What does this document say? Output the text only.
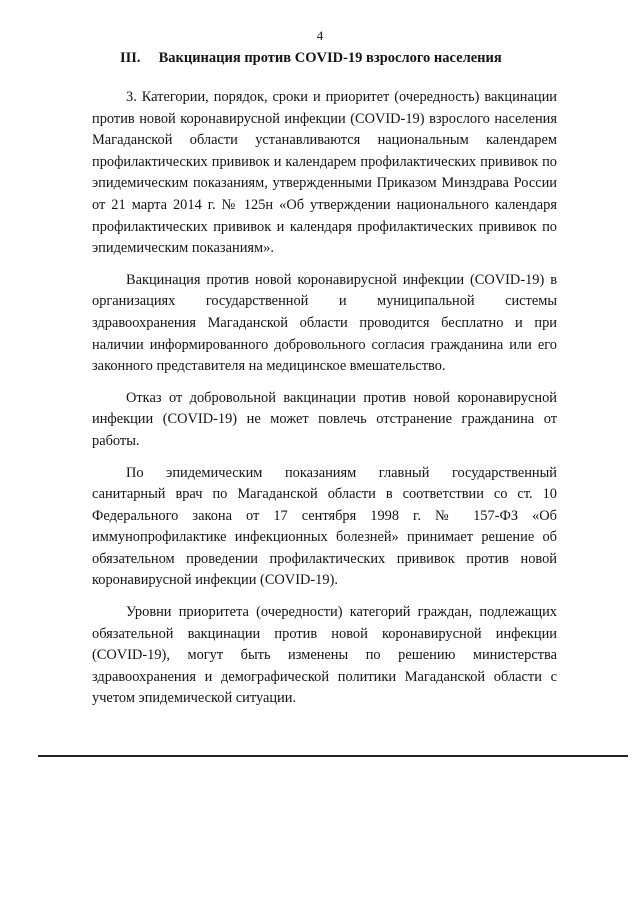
4
III. Вакцинация против COVID-19 взрослого населения

3. Категории, порядок, сроки и приоритет (очередность) вакцинации против новой коронавирусной инфекции (COVID-19) взрослого населения Магаданской области устанавливаются национальным календарем профилактических прививок и календарем профилактических прививок по эпидемическим показаниям, утвержденными Приказом Минздрава России от 21 марта 2014 г. № 125н «Об утверждении национального календаря профилактических прививок и календаря профилактических прививок по эпидемическим показаниям».

Вакцинация против новой коронавирусной инфекции (COVID-19) в организациях государственной и муниципальной системы здравоохранения Магаданской области проводится бесплатно и при наличии информированного добровольного согласия гражданина или его законного представителя на медицинское вмешательство.

Отказ от добровольной вакцинации против новой коронавирусной инфекции (COVID-19) не может повлечь отстранение гражданина от работы.

По эпидемическим показаниям главный государственный санитарный врач по Магаданской области в соответствии со ст. 10 Федерального закона от 17 сентября 1998 г. № 157-ФЗ «Об иммунопрофилактике инфекционных болезней» принимает решение об обязательном проведении профилактических прививок против новой коронавирусной инфекции (COVID-19).

Уровни приоритета (очередности) категорий граждан, подлежащих обязательной вакцинации против новой коронавирусной инфекции (COVID-19), могут быть изменены по решению министерства здравоохранения и демографической политики Магаданской области с учетом эпидемической ситуации.
